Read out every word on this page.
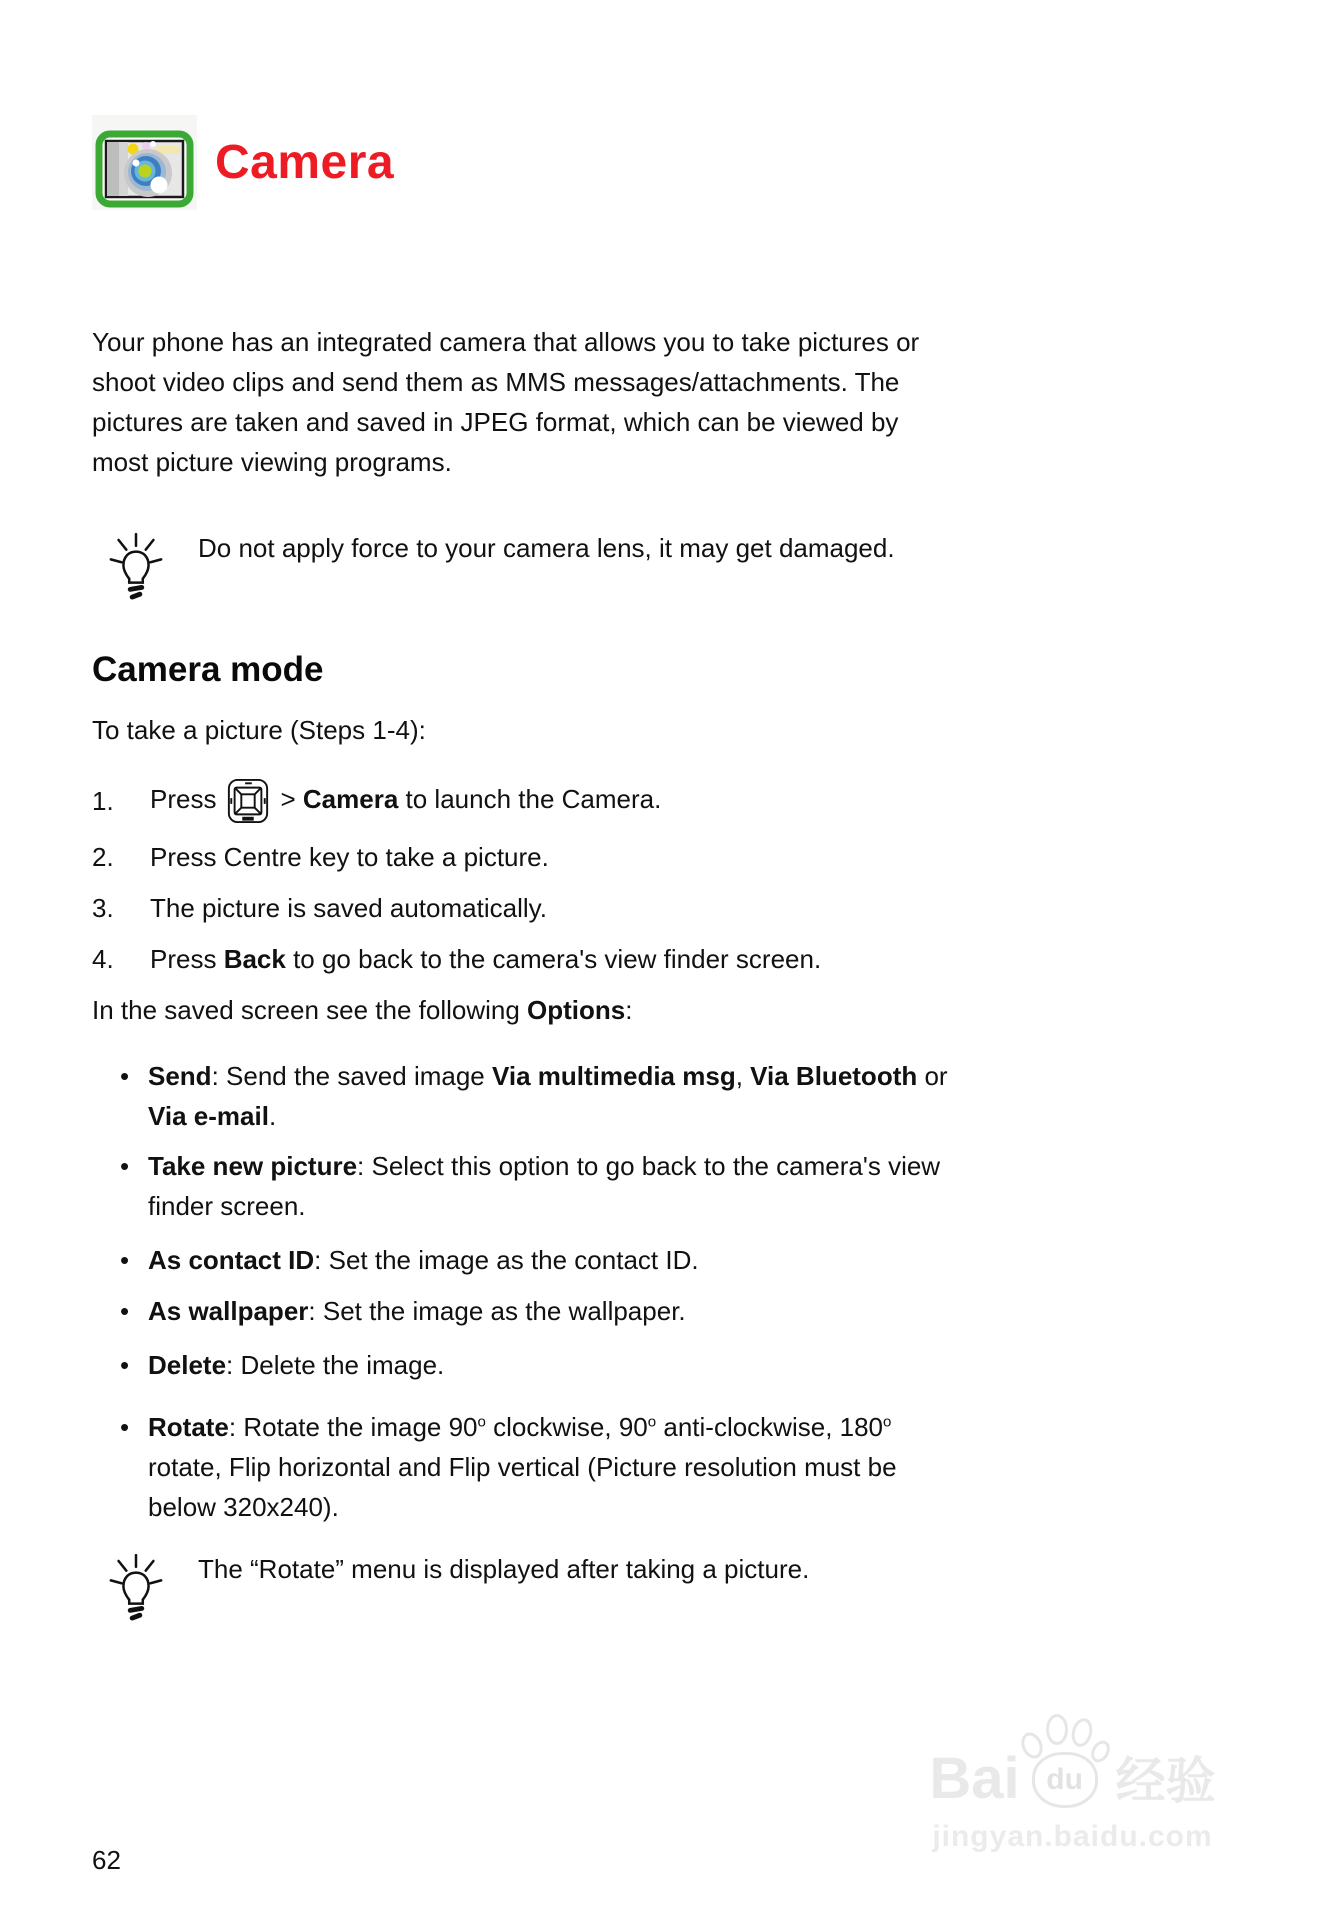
Camera

Your phone has an integrated camera that allows you to take pictures or
shoot video clips and send them as MMS messages/attachments. The
pictures are taken and saved in JPEG format, which can be viewed by
most picture viewing programs.

Do not apply force to your camera lens, it may get damaged.
Camera mode

To take a picture (Steps 1-4):

1.	Press > Camera to launch the Camera.
2.	Press Centre key to take a picture.
3.	The picture is saved automatically.
4.	Press Back to go back to the camera's view finder screen.

In the saved screen see the following Options:

• Send: Send the saved image Via multimedia msg, Via Bluetooth or
Via e-mail.
• Take new picture: Select this option to go back to the camera's view
finder screen.
• As contact ID: Set the image as the contact ID.
• As wallpaper: Set the image as the wallpaper.
• Delete: Delete the image.
• Rotate: Rotate the image 90$^o$ clockwise, 90$^o$ anti-clockwise, 180$^o$
rotate, Flip horizontal and Flip vertical (Picture resolution must be
below 320x240).
The “Rotate” menu is displayed after taking a picture.
Bai du 经验
jingyan.baidu.com
62
